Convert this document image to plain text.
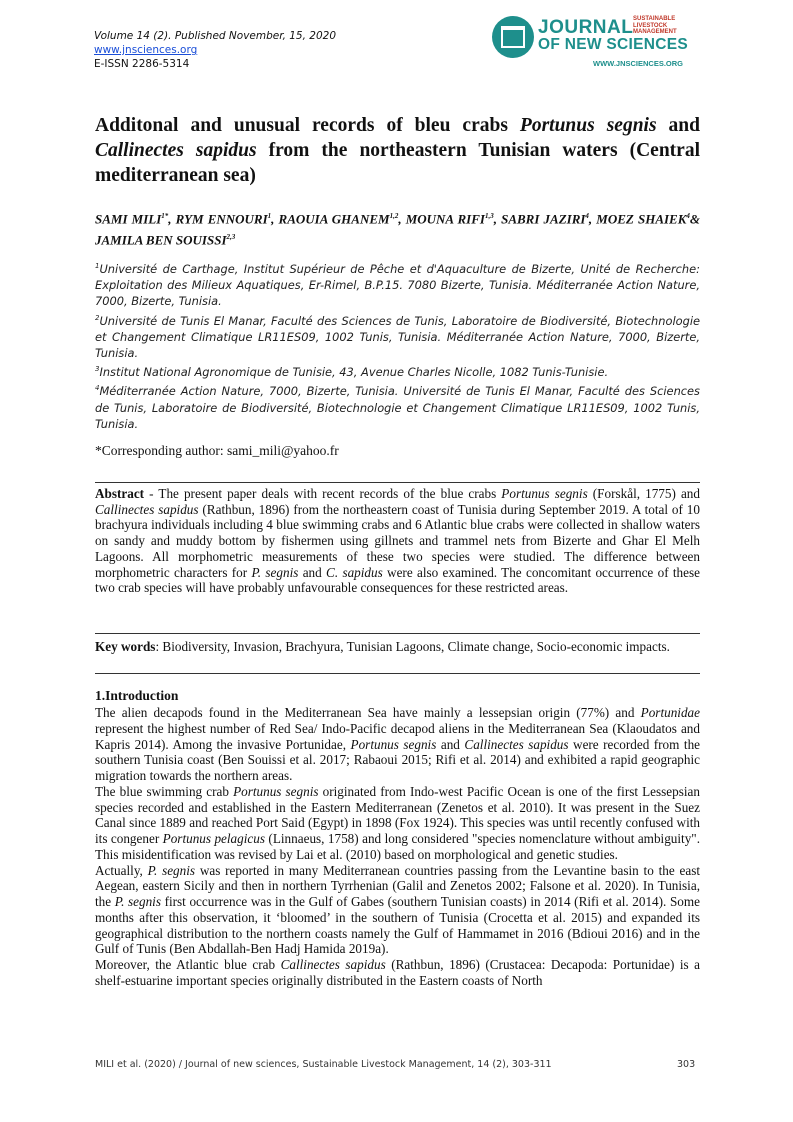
Volume 14 (2). Published November, 15, 2020
www.jnsciences.org
E-ISSN 2286-5314
JOURNAL
OF NEW SCIENCES
SUSTAINABLE LIVESTOCK MANAGEMENT
WWW.JNSCIENCES.ORG
Additonal and unusual records of bleu crabs Portunus segnis and Callinectes sapidus from the northeastern Tunisian waters (Central mediterranean sea)
SAMI $MILI^{1*}$, RYM ENNOURI$^1$, RAOUIA GHANEM$^{1,2}$, MOUNA RIFI$^{1,3}$, SABRI JAZIRI$^4$, MOEZ SHAIEK$^4$& JAMILA BEN SOUISSI$^{2,3}$

$^1$Université de Carthage, Institut Supérieur de Pêche et d'Aquaculture de Bizerte, Unité de Recherche: Exploitation des Milieux Aquatiques, Er-Rimel, B.P.15. 7080 Bizerte, Tunisia. Méditerranée Action Nature, 7000, Bizerte, Tunisia.

$^2$Université de Tunis El Manar, Faculté des Sciences de Tunis, Laboratoire de Biodiversité, Biotechnologie et Changement Climatique LR11ES09, 1002 Tunis, Tunisia. Méditerranée Action Nature, 7000, Bizerte, Tunisia.

$^3$Institut National Agronomique de Tunisie, 43, Avenue Charles Nicolle, 1082 Tunis-Tunisie.

$^4$Méditerranée Action Nature, 7000, Bizerte, Tunisia. Université de Tunis El Manar, Faculté des Sciences de Tunis, Laboratoire de Biodiversité, Biotechnologie et Changement Climatique LR11ES09, 1002 Tunis, Tunisia.

*Corresponding author: sami_mili@yahoo.fr
Abstract - The present paper deals with recent records of the blue crabs Portunus segnis (Forskål, 1775) and Callinectes sapidus (Rathbun, 1896) from the northeastern coast of Tunisia during September 2019. A total of 10 brachyura individuals including 4 blue swimming crabs and 6 Atlantic blue crabs were collected in shallow waters on sandy and muddy bottom by fishermen using gillnets and trammel nets from Bizerte and Ghar El Melh Lagoons. All morphometric measurements of these two species were studied. The difference between morphometric characters for P. segnis and C. sapidus were also examined. The concomitant occurrence of these two crab species will have probably unfavourable consequences for these restricted areas.
Key words: Biodiversity, Invasion, Brachyura, Tunisian Lagoons, Climate change, Socio-economic impacts.
1.Introduction

The alien decapods found in the Mediterranean Sea have mainly a lessepsian origin (77%) and Portunidae represent the highest number of Red Sea/ Indo-Pacific decapod aliens in the Mediterranean Sea (Klaoudatos and Kapris 2014). Among the invasive Portunidae, Portunus segnis and Callinectes sapidus were recorded from the southern Tunisia coast (Ben Souissi et al. 2017; Rabaoui 2015; Rifi et al. 2014) and exhibited a rapid geographic migration towards the northern areas.

The blue swimming crab Portunus segnis originated from Indo-west Pacific Ocean is one of the first Lessepsian species recorded and established in the Eastern Mediterranean (Zenetos et al. 2010). It was present in the Suez Canal since 1889 and reached Port Said (Egypt) in 1898 (Fox 1924). This species was until recently confused with its congener Portunus pelagicus (Linnaeus, 1758) and long considered "species nomenclature without ambiguity". This misidentification was revised by Lai et al. (2010) based on morphological and genetic studies.

Actually, P. segnis was reported in many Mediterranean countries passing from the Levantine basin to the east Aegean, eastern Sicily and then in northern Tyrrhenian (Galil and Zenetos 2002; Falsone et al. 2020). In Tunisia, the P. segnis first occurrence was in the Gulf of Gabes (southern Tunisian coasts) in 2014 (Rifi et al. 2014). Some months after this observation, it ‘bloomed’ in the southern of Tunisia (Crocetta et al. 2015) and expanded its geographical distribution to the northern coasts namely the Gulf of Hammamet in 2016 (Bdioui 2016) and in the Gulf of Tunis (Ben Abdallah-Ben Hadj Hamida 2019a).

Moreover, the Atlantic blue crab Callinectes sapidus (Rathbun, 1896) (Crustacea: Decapoda: Portunidae) is a shelf-estuarine important species originally distributed in the Eastern coasts of North

MILI et al. (2020) / Journal of new sciences, Sustainable Livestock Management, 14 (2), 303-311	303
